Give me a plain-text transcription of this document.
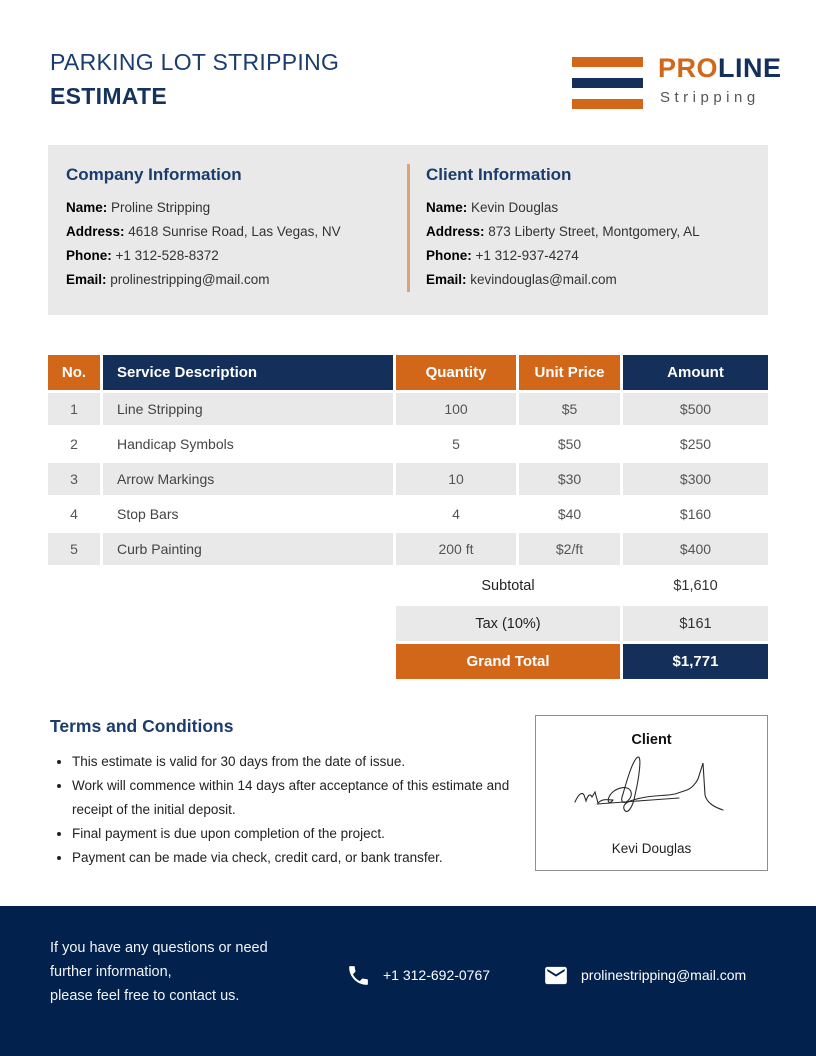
PARKING LOT STRIPPING
ESTIMATE
PROLINE
Stripping
Company Information
Name: Proline Stripping
Address: 4618 Sunrise Road, Las Vegas, NV
Phone: +1 312-528-8372
Email: prolinestripping@mail.com
Client Information
Name: Kevin Douglas
Address: 873 Liberty Street, Montgomery, AL
Phone: +1 312-937-4274
Email: kevindouglas@mail.com
No.	Service Description	Quantity	Unit Price	Amount
1	Line Stripping	100	$5	$500
2	Handicap Symbols	5	$50	$250
3	Arrow Markings	10	$30	$300
4	Stop Bars	4	$40	$160
5	Curb Painting	200 ft	$2/ft	$400
Subtotal	$1,610
Tax (10%)	$161
Grand Total	$1,771
Terms and Conditions
• This estimate is valid for 30 days from the date of issue.
• Work will commence within 14 days after acceptance of this estimate and receipt of the initial deposit.
• Final payment is due upon completion of the project.
• Payment can be made via check, credit card, or bank transfer.
Client
Kevi Douglas
If you have any questions or need
further information,
please feel free to contact us.
+1 312-692-0767	prolinestripping@mail.com
